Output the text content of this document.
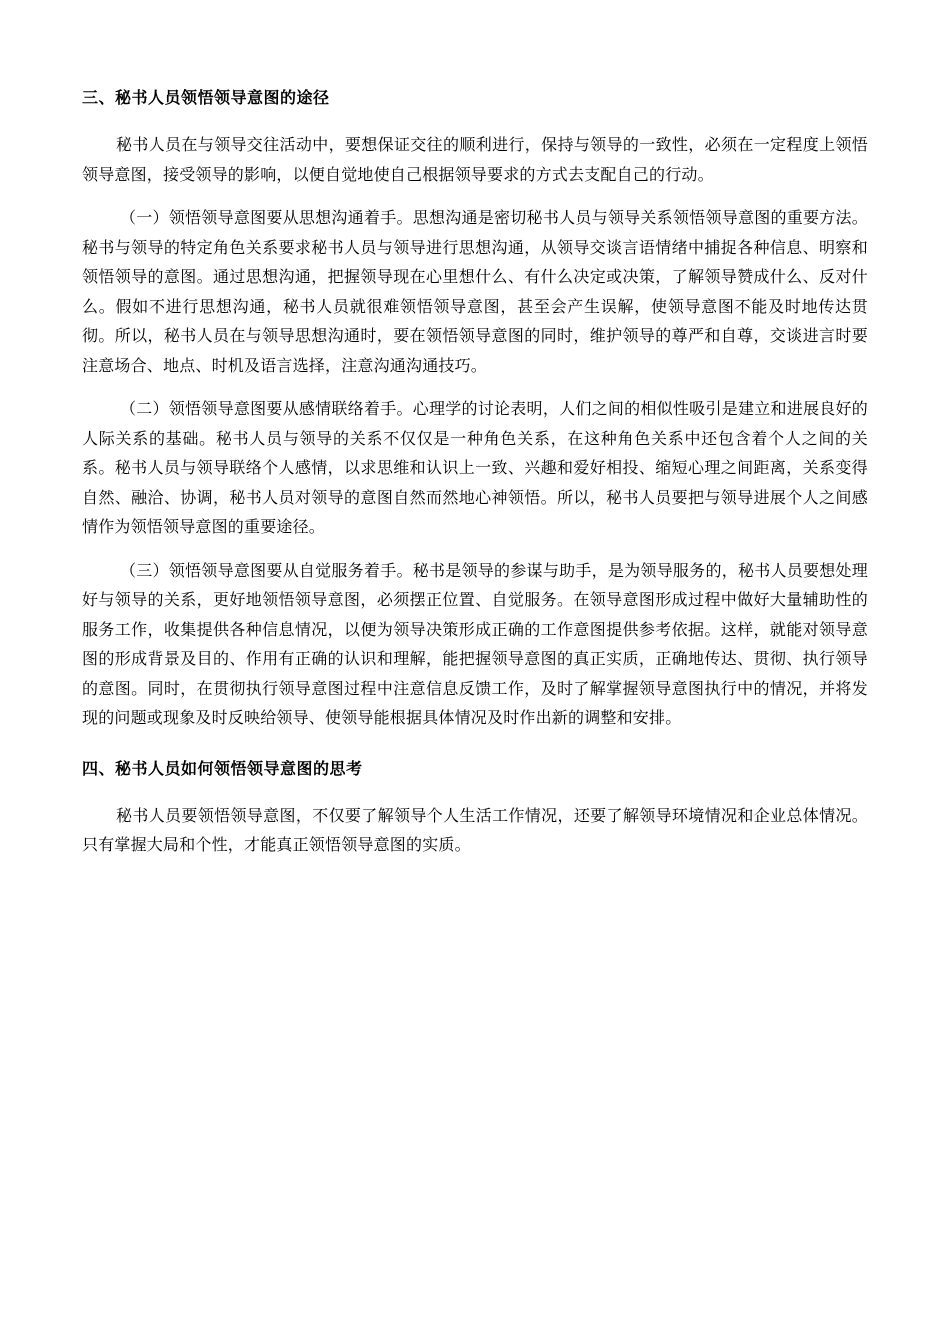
三、秘书人员领悟领导意图的途径

秘书人员在与领导交往活动中，要想保证交往的顺利进行，保持与领导的一致性，必须在一定程度上领悟领导意图，接受领导的影响，以便自觉地使自己根据领导要求的方式去支配自己的行动。

（一）领悟领导意图要从思想沟通着手。思想沟通是密切秘书人员与领导关系领悟领导意图的重要方法。秘书与领导的特定角色关系要求秘书人员与领导进行思想沟通，从领导交谈言语情绪中捕捉各种信息、明察和领悟领导的意图。通过思想沟通，把握领导现在心里想什么、有什么决定或决策，了解领导赞成什么、反对什么。假如不进行思想沟通，秘书人员就很难领悟领导意图，甚至会产生误解，使领导意图不能及时地传达贯彻。所以，秘书人员在与领导思想沟通时，要在领悟领导意图的同时，维护领导的尊严和自尊，交谈进言时要注意场合、地点、时机及语言选择，注意沟通沟通技巧。

（二）领悟领导意图要从感情联络着手。心理学的讨论表明，人们之间的相似性吸引是建立和进展良好的人际关系的基础。秘书人员与领导的关系不仅仅是一种角色关系，在这种角色关系中还包含着个人之间的关系。秘书人员与领导联络个人感情，以求思维和认识上一致、兴趣和爱好相投、缩短心理之间距离，关系变得自然、融洽、协调，秘书人员对领导的意图自然而然地心神领悟。所以，秘书人员要把与领导进展个人之间感情作为领悟领导意图的重要途径。

（三）领悟领导意图要从自觉服务着手。秘书是领导的参谋与助手，是为领导服务的，秘书人员要想处理好与领导的关系，更好地领悟领导意图，必须摆正位置、自觉服务。在领导意图形成过程中做好大量辅助性的服务工作，收集提供各种信息情况，以便为领导决策形成正确的工作意图提供参考依据。这样，就能对领导意图的形成背景及目的、作用有正确的认识和理解，能把握领导意图的真正实质，正确地传达、贯彻、执行领导的意图。同时，在贯彻执行领导意图过程中注意信息反馈工作，及时了解掌握领导意图执行中的情况，并将发现的问题或现象及时反映给领导、使领导能根据具体情况及时作出新的调整和安排。

四、秘书人员如何领悟领导意图的思考

秘书人员要领悟领导意图，不仅要了解领导个人生活工作情况，还要了解领导环境情况和企业总体情况。只有掌握大局和个性，才能真正领悟领导意图的实质。
